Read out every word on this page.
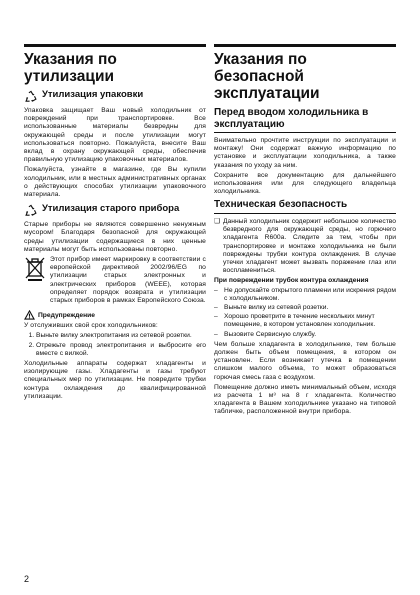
Указания по утилизации
Утилизация упаковки

Упаковка защищает Ваш новый холодильник от повреждений при транспортировке. Все использованные материалы безвредны для окружающей среды и после утилизации могут использоваться повторно. Пожалуйста, внесите Ваш вклад в охрану окружающей среды, обеспечив правильную утилизацию упаковочных материалов.

Пожалуйста, узнайте в магазине, где Вы купили холодильник, или в местных административных органах о действующих способах утилизации упаковочного материала.

Утилизация старого прибора

Старые приборы не являются совершенно ненужным мусором! Благодаря безопасной для окружающей среды утилизации содержащиеся в них ценные материалы могут быть использованы повторно.

Этот прибор имеет маркировку в соответствии с европейской директивой 2002/96/EG по утилизации старых электронных и электрических приборов (WEEE), которая определяет порядок возврата и утилизации старых приборов в рамках Европейского Союза.

Предупреждение

У отслуживших свой срок холодильников:

1. Выньте вилку электропитания из сетевой розетки.
2. Отрежьте провод электропитания и выбросите его вместе с вилкой.

Холодильные аппараты содержат хладагенты и изолирующие газы. Хладагенты и газы требуют специальных мер по утилизации. Не повредите трубки контура охлаждения до квалифицированной утилизации.

Указания по безопасной эксплуатации
Перед вводом холодильника в эксплуатацию

Внимательно прочтите инструкции по эксплуатации и монтажу! Они содержат важную информацию по установке и эксплуатации холодильника, а также указания по уходу за ним.

Сохраните все документацию для дальнейшего использования или для следующего владельца холодильника.

Техническая безопасность
❑ Данный холодильник содержит небольшое количество безвредного для окружающей среды, но горючего хладагента R600a. Следите за тем, чтобы при транспортировке и монтаже холодильника не были повреждены трубки контура охлаждения. В случае утечки хладагент может вызвать поражение глаз или воспламениться.
При повреждении трубок контура охлаждения
– Не допускайте открытого пламени или искрения рядом с холодильником.
– Выньте вилку из сетевой розетки.
– Хорошо проветрите в течение нескольких минут помещение, в котором установлен холодильник.
– Вызовите Сервисную службу.

Чем больше хладагента в холодильнике, тем больше должен быть объем помещения, в котором он установлен. Если возникает утечка в помещении слишком малого объема, то может образоваться горючая смесь газа с воздухом.

Помещение должно иметь минимальный объем, исходя из расчета 1 м³ на 8 г хладагента. Количество хладагента в Вашем холодильнике указано на типовой табличке, расположенной внутри прибора.

2
